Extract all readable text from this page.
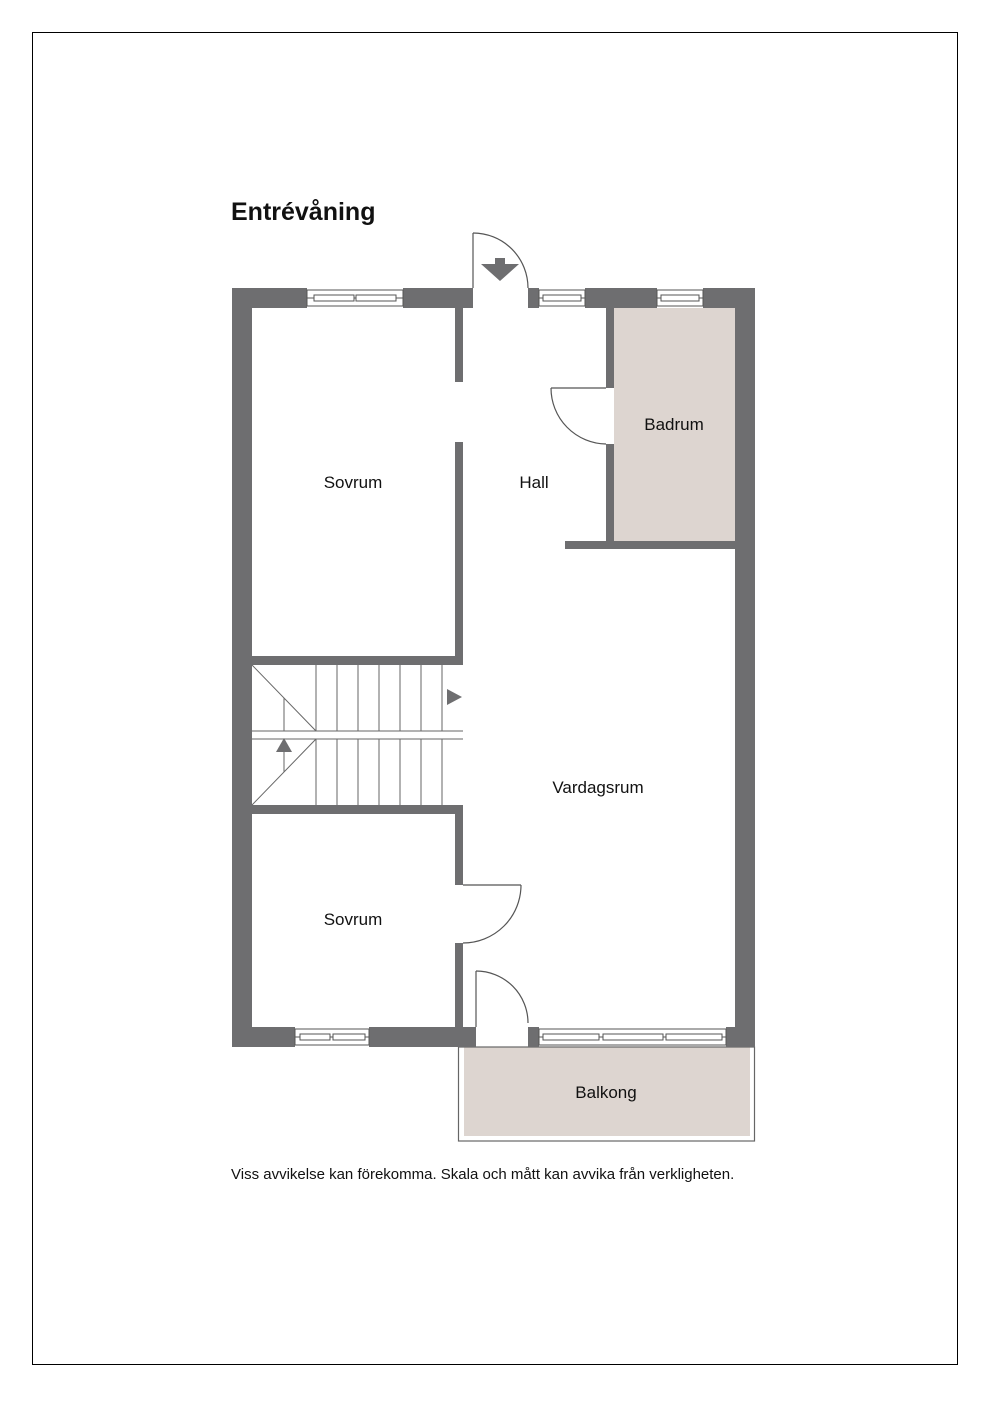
Entrévåning
Sovrum	Hall
Badrum
Vardagsrum
Sovrum
Balkong
Viss avvikelse kan förekomma. Skala och mått kan avvika från verkligheten.
